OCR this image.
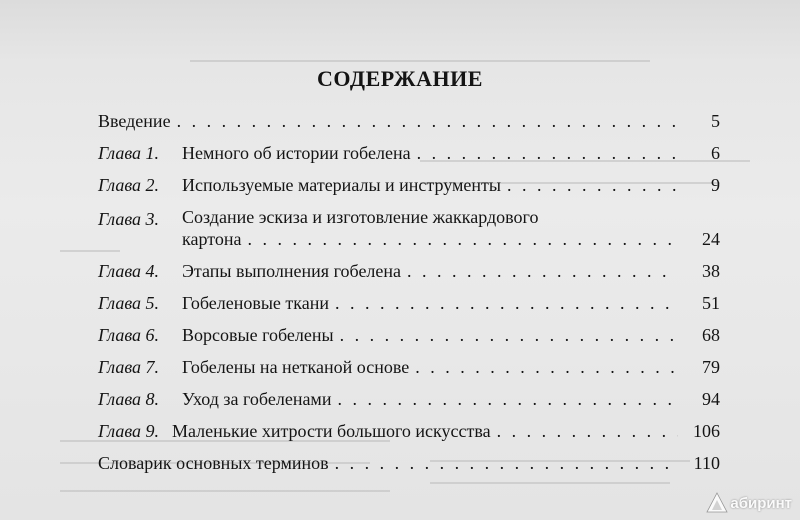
СОДЕРЖАНИЕ
Введение . . .	5
Глава 1.	Немного об истории гобелена . . .	6
Глава 2.	Используемые материалы и инструменты . . .	9
Глава 3.	Создание эскиза и изготовление жаккардового
картона . . .	24
Глава 4.	Этапы выполнения гобелена . . .	38
Глава 5.	Гобеленовые ткани . . .	51
Глава 6.	Ворсовые гобелены . . .	68
Глава 7.	Гобелены на нетканой основе . . .	79
Глава 8.	Уход за гобеленами . . .	94
Глава 9. Маленькие хитрости большого искусства . . .	106
Словарик основных терминов . . .	110
абиринт
